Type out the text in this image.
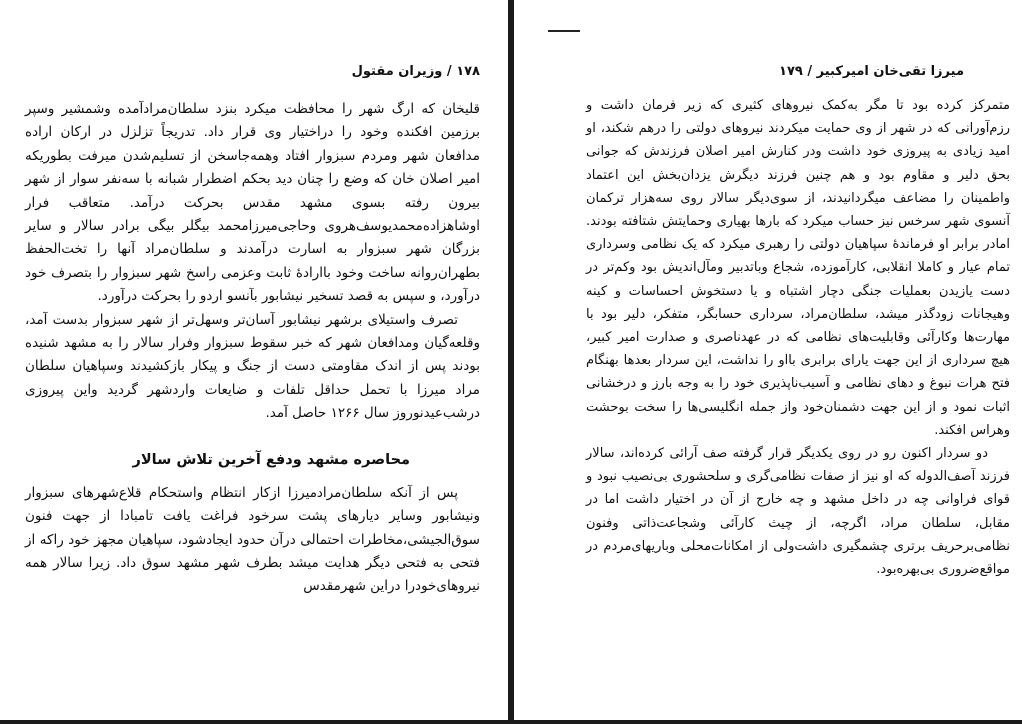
۱۷۸ / وزیران مقتول

قلیخان که ارگ شهر را محافظت میکرد بنزد سلطان‌مرادآمده وشمشیر وسپر برزمین افکنده وخود را دراختیار وی قرار داد. تدریجاً تزلزل در ارکان اراده مدافعان شهر ومردم سبزوار افتاد وهمه‌جاسخن از تسلیم‌شدن میرفت بطوریکه امیر اصلان خان که وضع را چنان دید بحکم اضطرار شبانه با سه‌نفر سوار از شهر بیرون رفته بسوی مشهد مقدس بحرکت درآمد. متعاقب فرار اوشاهزاده‌محمدیوسف‌هروی وحاجی‌میرزامحمد بیگلر بیگی برادر سالار و سایر بزرگان شهر سبزوار به اسارت درآمدند و سلطان‌مراد آنها را تخت‌الحفظ بطهران‌روانه ساخت وخود باارادهٔ ثابت وعزمی راسخ شهر سبزوار را بتصرف خود درآورد، و سپس به قصد تسخیر نیشابور بآنسو اردو را بحرکت درآورد.

تصرف واستیلای برشهر نیشابور آسان‌تر وسهل‌تر از شهر سبزوار بدست آمد، وقلعه‌گیان ومدافعان شهر که خبر سقوط سبزوار وفرار سالار را به مشهد شنیده بودند پس از اندک مقاومتی دست از جنگ و پیکار باز‌کشیدند وسپاهیان سلطان مراد میرزا با تحمل حداقل تلفات و ضایعات واردشهر گردید واین پیروزی درشب‌عیدنوروز سال ۱۲۶۶ حاصل آمد.

محاصره مشهد ودفع آخرین تلاش سالار

پس از آنکه سلطان‌مرادمیرزا ازکار انتظام واستحکام قلاع‌شهرهای سبزوار ونیشابور وسایر دیارهای پشت سرخود فراغت یافت تامبادا از جهت فنون سوق‌الجیشی،مخاطرات احتمالی درآن حدود ایجادشود، سپاهیان مجهز خود راکه از فتحی به فتحی دیگر هدایت میشد بطرف شهر مشهد سوق داد. زیرا سالار همه نیروهای‌خودرا دراین شهرمقدس

میرزا تقی‌خان امیرکبیر / ۱۷۹

متمرکز کرده بود تا مگر به‌کمک نیروهای کثیری که زیر فرمان داشت و رزم‌آورانی که در شهر از وی حمایت میکردند نیروهای دولتی را درهم شکند، او امید زیادی به پیروزی خود داشت ودر کنارش امیر اصلان فرزندش که جوانی بحق دلیر و مقاوم بود و هم چنین فرزند دیگرش یزدان‌بخش این اعتماد واطمینان را مضاعف میگردانیدند، از سوی‌دیگر سالار روی سه‌هزار ترکمان آنسوی شهر سرخس نیز حساب میکرد که بارها بهیاری وحمایتش شتافته بودند. امادر برابر او فرماندهٔ سپاهیان دولتی را رهبری میکرد که یک نظامی وسرداری تمام عیار و کاملا انقلابی، کارآموزده، شجاع وباتدبیر ومآل‌اندیش بود وکم‌تر در دست یازیدن بعملیات جنگی دچار اشتباه و یا دستخوش احساسات و کینه وهیجانات زودگذر میشد، سلطان‌مراد، سرداری حسابگر، متفکر، دلیر بود با مهارت‌ها وکارآئی وقابلیت‌های نظامی که در عهدناصری و صدارت امیر کبیر، هیچ سرداری از این جهت یارای برابری بااو را نداشت، این سردار بعدها بهنگام فتح هرات نبوغ و دهای نظامی و آسیب‌ناپذیری خود را به وجه بارز و درخشانی اثبات نمود و از این جهت دشمنان‌خود واز جمله انگلیسی‌ها را سخت بوحشت وهراس افکند.

دو سردار اکنون رو در روی یکدیگر قرار گرفته صف آرائی کرده‌اند، سالار فرزند آصف‌الدوله که او نیز از صفات نظامی‌گری و سلحشوری بی‌نصیب نبود و قوای فراوانی چه در داخل مشهد و چه خارج از آن در اختیار داشت اما در مقابل، سلطان مراد، اگرچه، از چیث کارآئی وشجاعت‌ذاتی وفنون نظامی‌برحریف برتری چشمگیری داشت‌ولی از امکانات‌محلی وباریهای‌مردم در مواقع‌ضروری بی‌بهره‌بود.
